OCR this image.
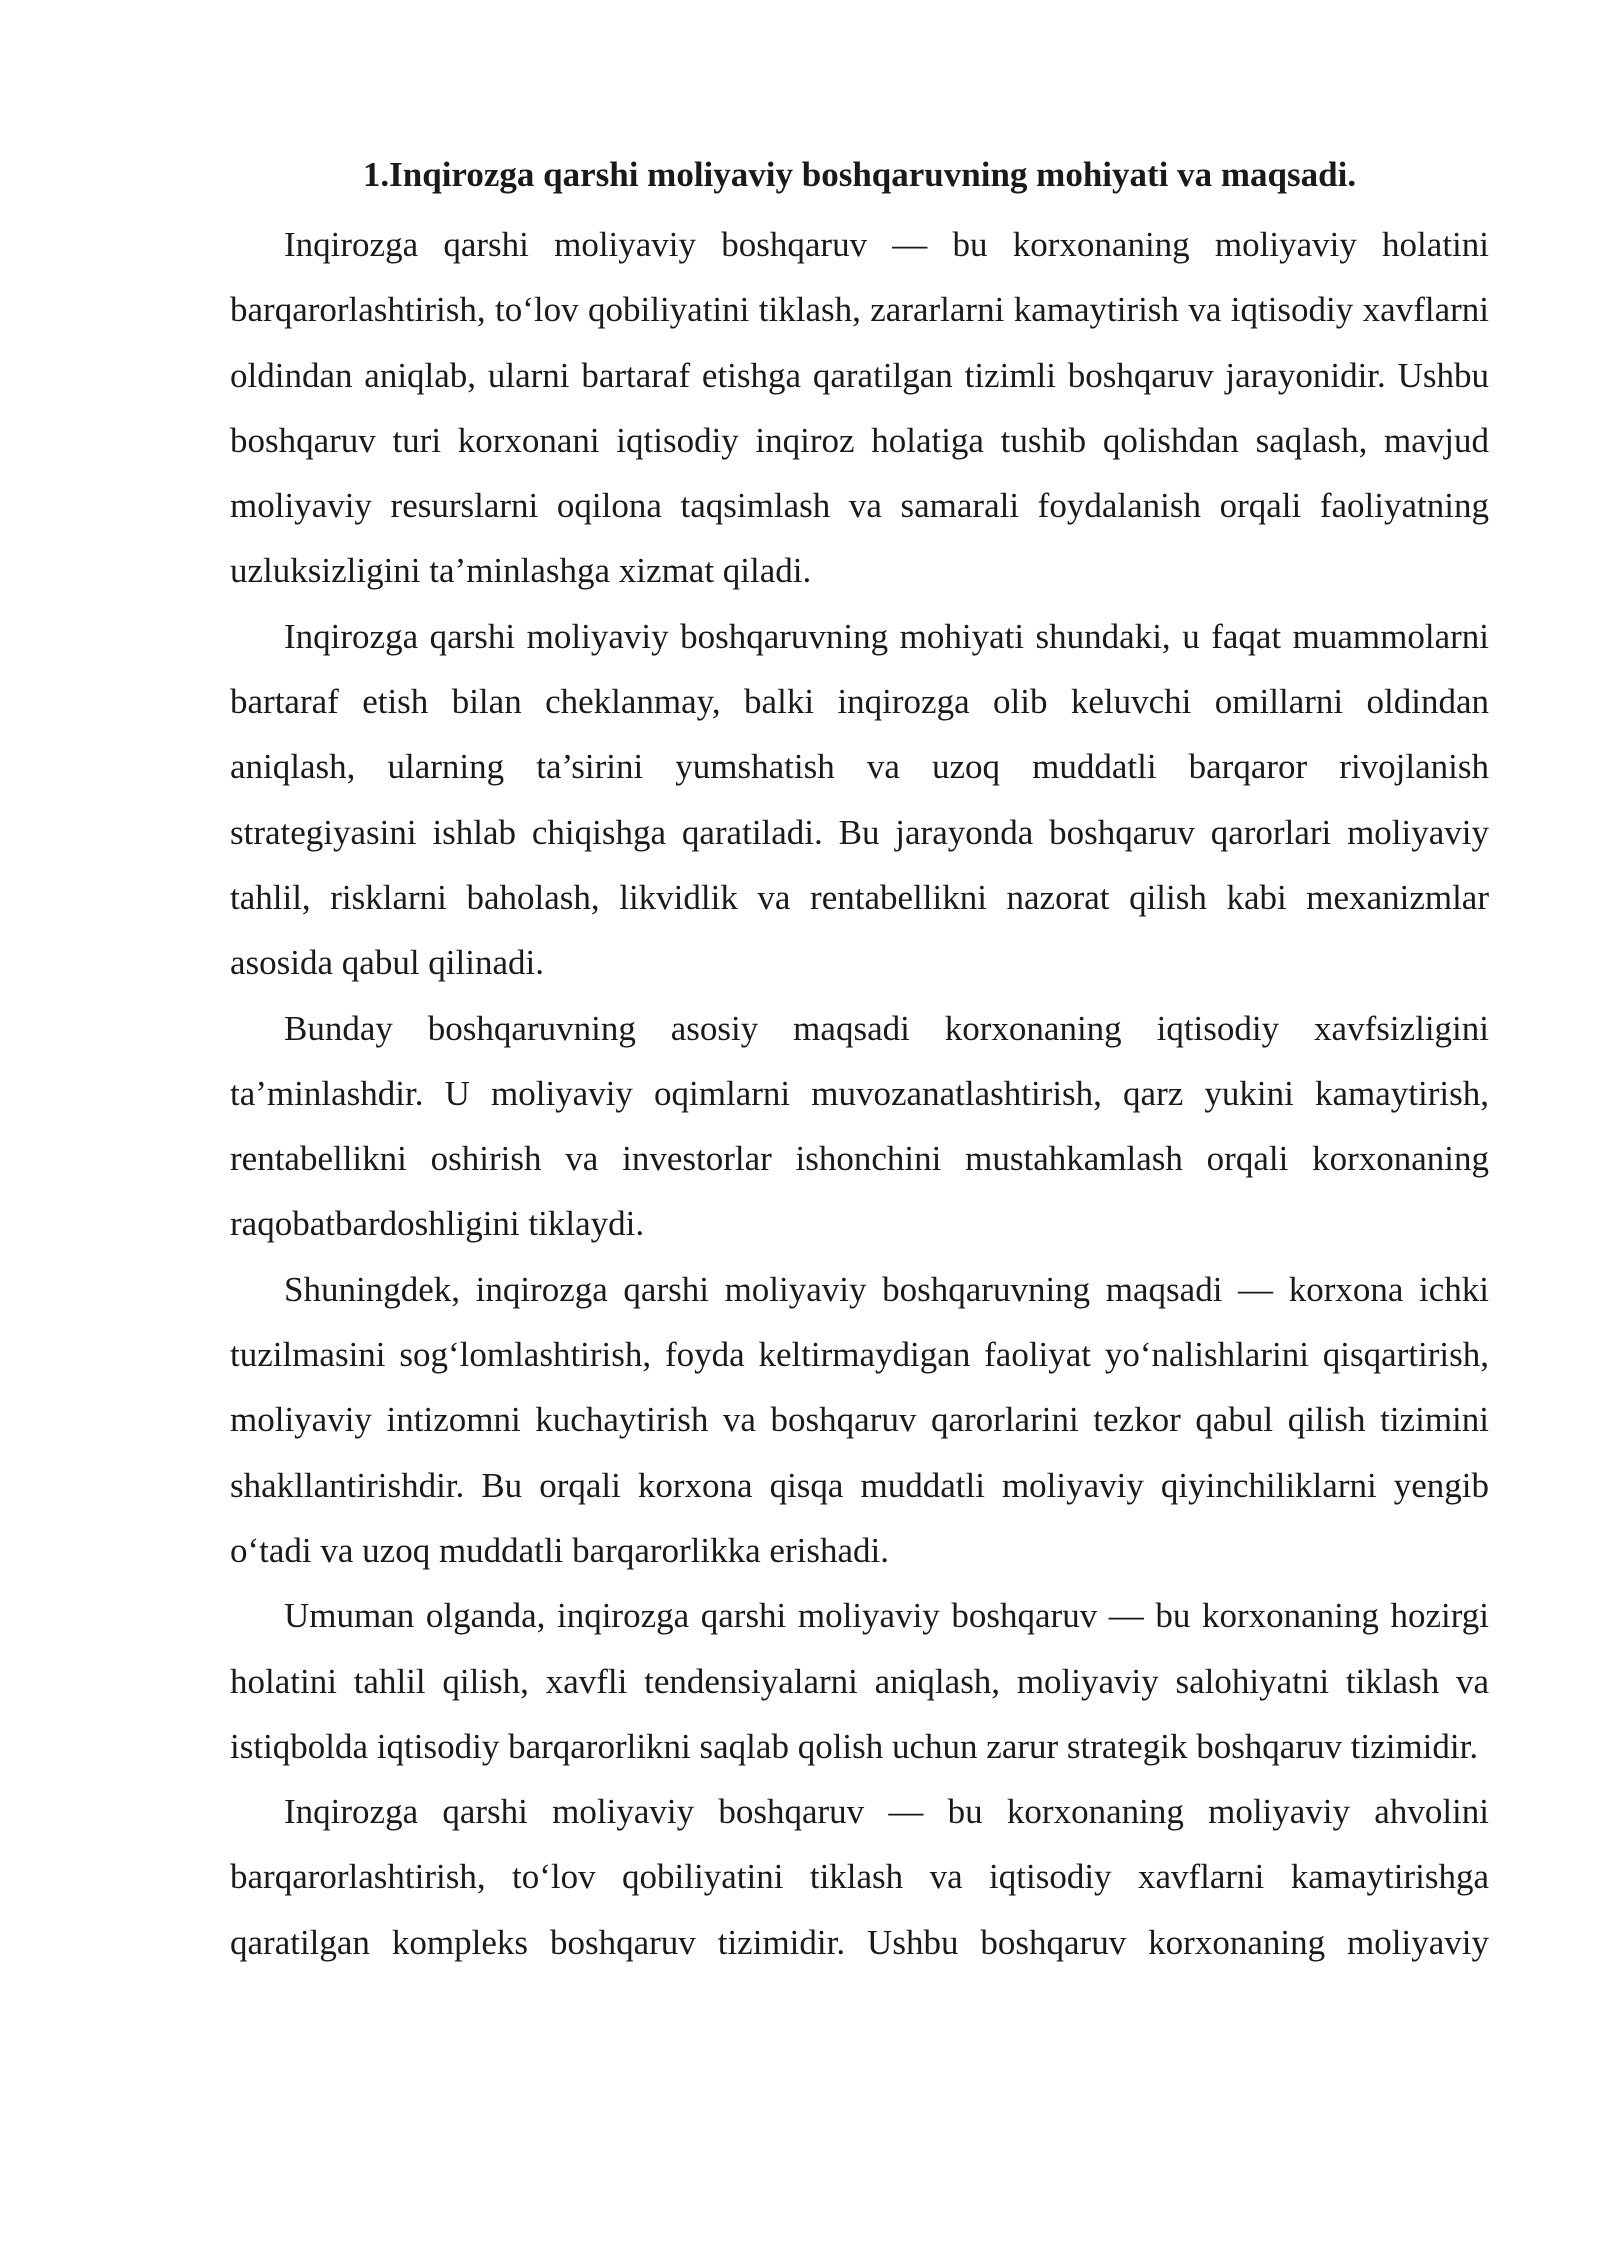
1.Inqirozga qarshi moliyaviy boshqaruvning mohiyati va maqsadi.

Inqirozga qarshi moliyaviy boshqaruv — bu korxonaning moliyaviy holatini barqarorlashtirish, to‘lov qobiliyatini tiklash, zararlarni kamaytirish va iqtisodiy xavflarni oldindan aniqlab, ularni bartaraf etishga qaratilgan tizimli boshqaruv jarayonidir. Ushbu boshqaruv turi korxonani iqtisodiy inqiroz holatiga tushib qolishdan saqlash, mavjud moliyaviy resurslarni oqilona taqsimlash va samarali foydalanish orqali faoliyatning uzluksizligini ta’minlashga xizmat qiladi.

Inqirozga qarshi moliyaviy boshqaruvning mohiyati shundaki, u faqat muammolarni bartaraf etish bilan cheklanmay, balki inqirozga olib keluvchi omillarni oldindan aniqlash, ularning ta’sirini yumshatish va uzoq muddatli barqaror rivojlanish strategiyasini ishlab chiqishga qaratiladi. Bu jarayonda boshqaruv qarorlari moliyaviy tahlil, risklarni baholash, likvidlik va rentabellikni nazorat qilish kabi mexanizmlar asosida qabul qilinadi.

Bunday boshqaruvning asosiy maqsadi korxonaning iqtisodiy xavfsizligini ta’minlashdir. U moliyaviy oqimlarni muvozanatlashtirish, qarz yukini kamaytirish, rentabellikni oshirish va investorlar ishonchini mustahkamlash orqali korxonaning raqobatbardoshligini tiklaydi.

Shuningdek, inqirozga qarshi moliyaviy boshqaruvning maqsadi — korxona ichki tuzilmasini sog‘lomlashtirish, foyda keltirmaydigan faoliyat yo‘nalishlarini qisqartirish, moliyaviy intizomni kuchaytirish va boshqaruv qarorlarini tezkor qabul qilish tizimini shakllantirishdir. Bu orqali korxona qisqa muddatli moliyaviy qiyinchiliklarni yengib o‘tadi va uzoq muddatli barqarorlikka erishadi.

Umuman olganda, inqirozga qarshi moliyaviy boshqaruv — bu korxonaning hozirgi holatini tahlil qilish, xavfli tendensiyalarni aniqlash, moliyaviy salohiyatni tiklash va istiqbolda iqtisodiy barqarorlikni saqlab qolish uchun zarur strategik boshqaruv tizimidir.

Inqirozga qarshi moliyaviy boshqaruv — bu korxonaning moliyaviy ahvolini barqarorlashtirish, to‘lov qobiliyatini tiklash va iqtisodiy xavflarni kamaytirishga qaratilgan kompleks boshqaruv tizimidir. Ushbu boshqaruv korxonaning moliyaviy
